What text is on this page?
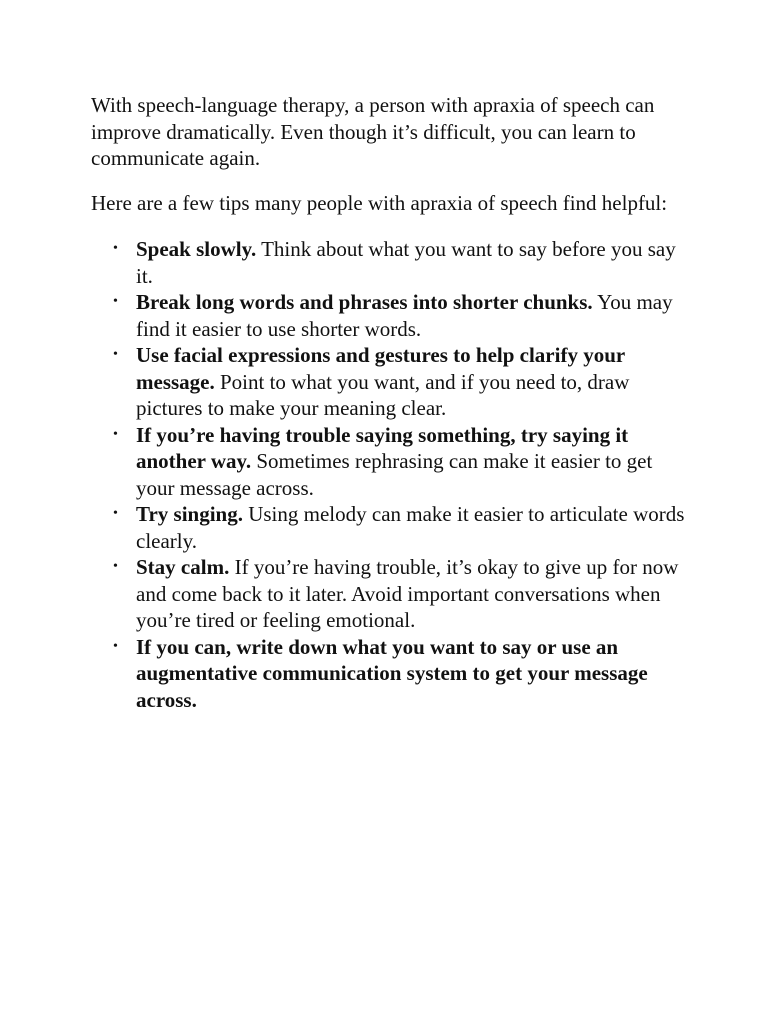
With speech-language therapy, a person with apraxia of speech can improve dramatically. Even though it’s difficult, you can learn to communicate again.

Here are a few tips many people with apraxia of speech find helpful:

• Speak slowly. Think about what you want to say before you say it.
• Break long words and phrases into shorter chunks. You may find it easier to use shorter words.
• Use facial expressions and gestures to help clarify your message. Point to what you want, and if you need to, draw pictures to make your meaning clear.
• If you’re having trouble saying something, try saying it another way. Sometimes rephrasing can make it easier to get your message across.
• Try singing. Using melody can make it easier to articulate words clearly.
• Stay calm. If you’re having trouble, it’s okay to give up for now and come back to it later. Avoid important conversations when you’re tired or feeling emotional.
• If you can, write down what you want to say or use an augmentative communication system to get your message across.
